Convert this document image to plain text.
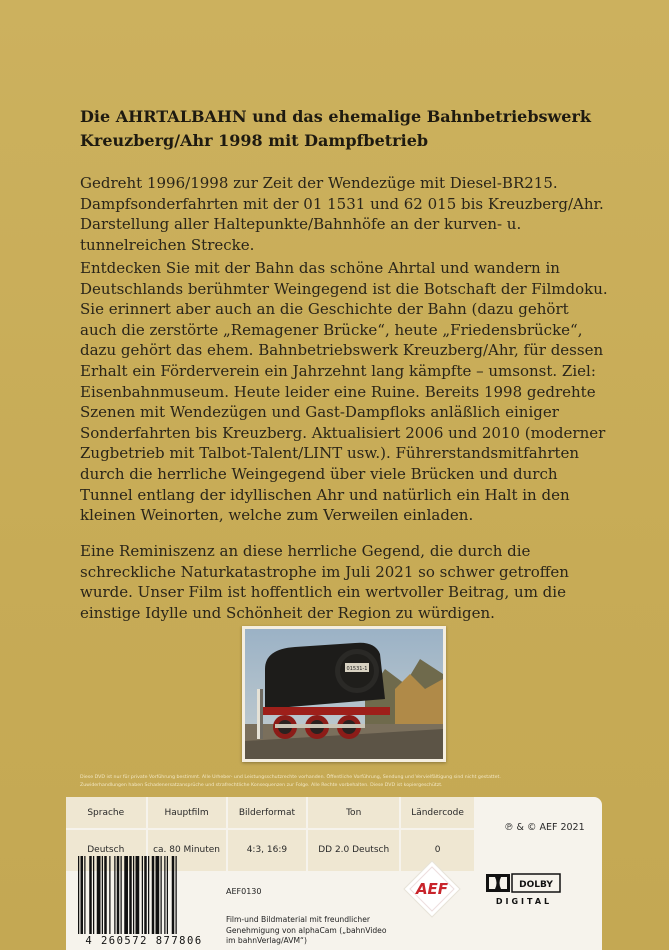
Die AHRTALBAHN und das ehemalige Bahnbetriebswerk
Kreuzberg/Ahr 1998 mit Dampfbetrieb

Gedreht 1996/1998 zur Zeit der Wendezüge mit Diesel-BR215. Dampfsonderfahrten mit der 01 1531 und 62 015 bis Kreuzberg/Ahr. Darstellung aller Haltepunkte/Bahnhöfe an der kurven- u. tunnelreichen Strecke.

Entdecken Sie mit der Bahn das schöne Ahrtal und wandern in Deutschlands berühmter Weingegend ist die Botschaft der Filmdoku.

Sie erinnert aber auch an die Geschichte der Bahn (dazu gehört auch die zerstörte „Remagener Brücke“, heute „Friedensbrücke“, dazu gehört das ehem. Bahnbetriebswerk Kreuzberg/Ahr, für dessen Erhalt ein Förderverein ein Jahrzehnt lang kämpfte – umsonst. Ziel: Eisenbahnmuseum. Heute leider eine Ruine. Bereits 1998 gedrehte Szenen mit Wendezügen und Gast-Dampfloks anläßlich einiger Sonderfahrten bis Kreuzberg. Aktualisiert 2006 und 2010 (moderner Zugbetrieb mit Talbot-Talent/LINT usw.). Führerstandsmitfahrten durch die herrliche Weingegend über viele Brücken und durch Tunnel entlang der idyllischen Ahr und natürlich ein Halt in den kleinen Weinorten, welche zum Verweilen einladen.

Eine Reminiszenz an diese herrliche Gegend, die durch die schreckliche Naturkatastrophe im Juli 2021 so schwer getroffen wurde. Unser Film ist hoffentlich ein wertvoller Beitrag, um die einstige Idylle und Schönheit der Region zu würdigen.

01531-1
Diese DVD ist nur für private Vorführung bestimmt. Alle Urheber- und Leistungsschutzrechte vorhanden. Öffentliche Vorführung, Sendung und Vervielfältigung sind nicht gestattet.
Zuwiderhandlungen haben Schadenersatzansprüche und strafrechtliche Konsequenzen zur Folge. Alle Rechte vorbehalten. Diese DVD ist kopiergeschützt.
Sprache	Hauptfilm	Bilderformat	Ton	Ländercode
Deutsch	ca. 80 Minuten	4:3, 16:9	DD 2.0 Deutsch	0
℗ & © AEF 2021
4 260572 877806
AEF0130
Film-und Bildmaterial mit freundlicher Genehmigung von alphaCam („bahnVideo im bahnVerlag/AVM“)
AEF	DOLBY
DIGITAL
